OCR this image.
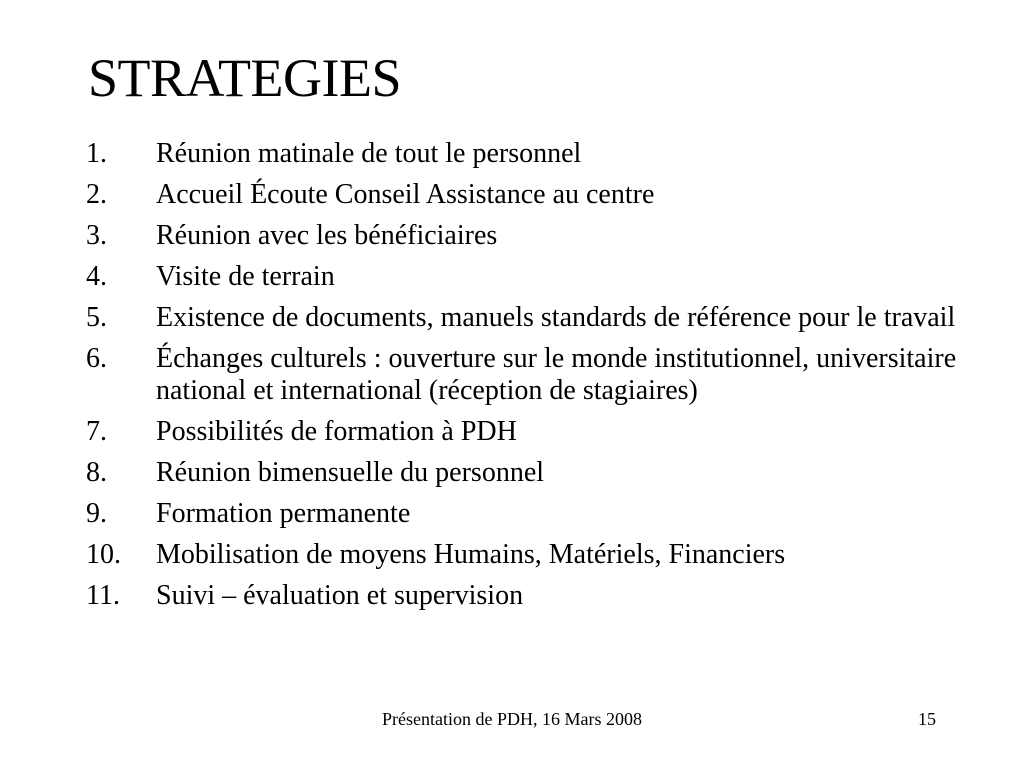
STRATEGIES
1. Réunion matinale de tout le personnel
2. Accueil Écoute Conseil Assistance au centre
3. Réunion avec les bénéficiaires
4. Visite de terrain
5. Existence de documents, manuels standards de référence pour le travail
6. Échanges culturels : ouverture sur le monde institutionnel, universitaire national et international (réception de stagiaires)
7. Possibilités de formation à PDH
8. Réunion bimensuelle du personnel
9. Formation permanente
10. Mobilisation de moyens Humains, Matériels, Financiers
11. Suivi – évaluation et supervision
Présentation de PDH, 16 Mars 2008	15
